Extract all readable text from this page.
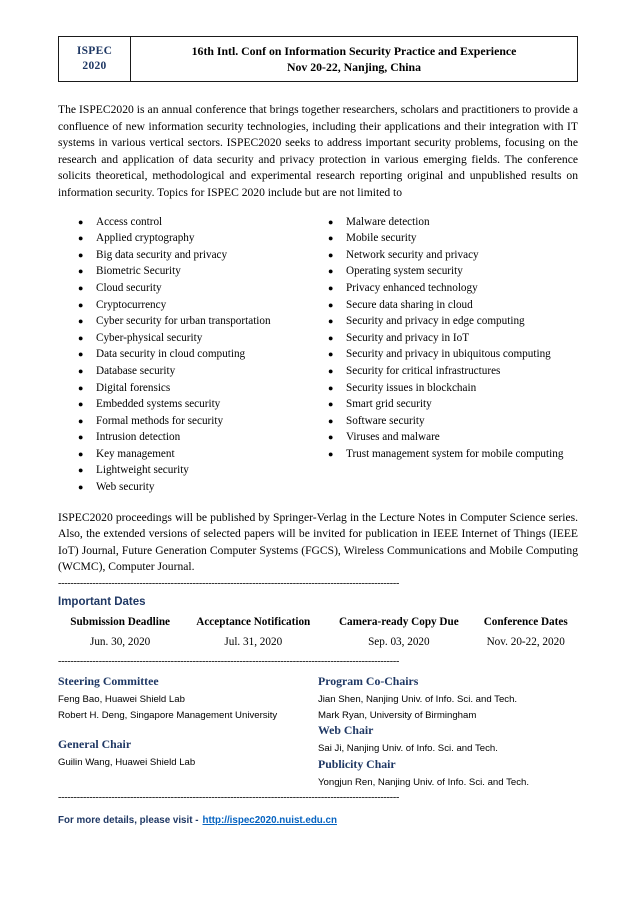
ISPEC
2020
16th Intl. Conf on Information Security Practice and Experience
Nov 20-22, Nanjing, China
The ISPEC2020 is an annual conference that brings together researchers, scholars and practitioners to provide a confluence of new information security technologies, including their applications and their integration with IT systems in various vertical sectors. ISPEC2020 seeks to address important security problems, focusing on the research and application of data security and privacy protection in various emerging fields. The conference solicits theoretical, methodological and experimental research reporting original and unpublished results on information security. Topics for ISPEC 2020 include but are not limited to
●	Access control
●	Applied cryptography
●	Big data security and privacy
●	Biometric Security
●	Cloud security
●	Cryptocurrency
●	Cyber security for urban transportation
●	Cyber-physical security
●	Data security in cloud computing
●	Database security
●	Digital forensics
●	Embedded systems security
●	Formal methods for security
●	Intrusion detection
●	Key management
●	Lightweight security
●	Web security
●	Malware detection
●	Mobile security
●	Network security and privacy
●	Operating system security
●	Privacy enhanced technology
●	Secure data sharing in cloud
●	Security and privacy in edge computing
●	Security and privacy in IoT
●	Security and privacy in ubiquitous computing
●	Security for critical infrastructures
●	Security issues in blockchain
●	Smart grid security
●	Software security
●	Viruses and malware
●	Trust management system for mobile computing
ISPEC2020 proceedings will be published by Springer-Verlag in the Lecture Notes in Computer Science series. Also, the extended versions of selected papers will be invited for publication in IEEE Internet of Things (IEEE IoT) Journal, Future Generation Computer Systems (FGCS), Wireless Communications and Mobile Computing (WCMC), Computer Journal.
-------------------------------------------------------------------------------------------------------------
Important Dates
Submission Deadline	Acceptance Notification	Camera-ready Copy Due	Conference Dates
Jun. 30, 2020	Jul. 31, 2020	Sep. 03, 2020	Nov. 20-22, 2020
-------------------------------------------------------------------------------------------------------------
Steering Committee
Feng Bao, Huawei Shield Lab
Robert H. Deng, Singapore Management University
General Chair
Guilin Wang, Huawei Shield Lab
Program Co-Chairs
Jian Shen, Nanjing Univ. of Info. Sci. and Tech.
Mark Ryan, University of Birmingham
Web Chair
Sai Ji, Nanjing Univ. of Info. Sci. and Tech.
Publicity Chair
Yongjun Ren, Nanjing Univ. of Info. Sci. and Tech.
-------------------------------------------------------------------------------------------------------------
For more details, please visit - http://ispec2020.nuist.edu.cn
